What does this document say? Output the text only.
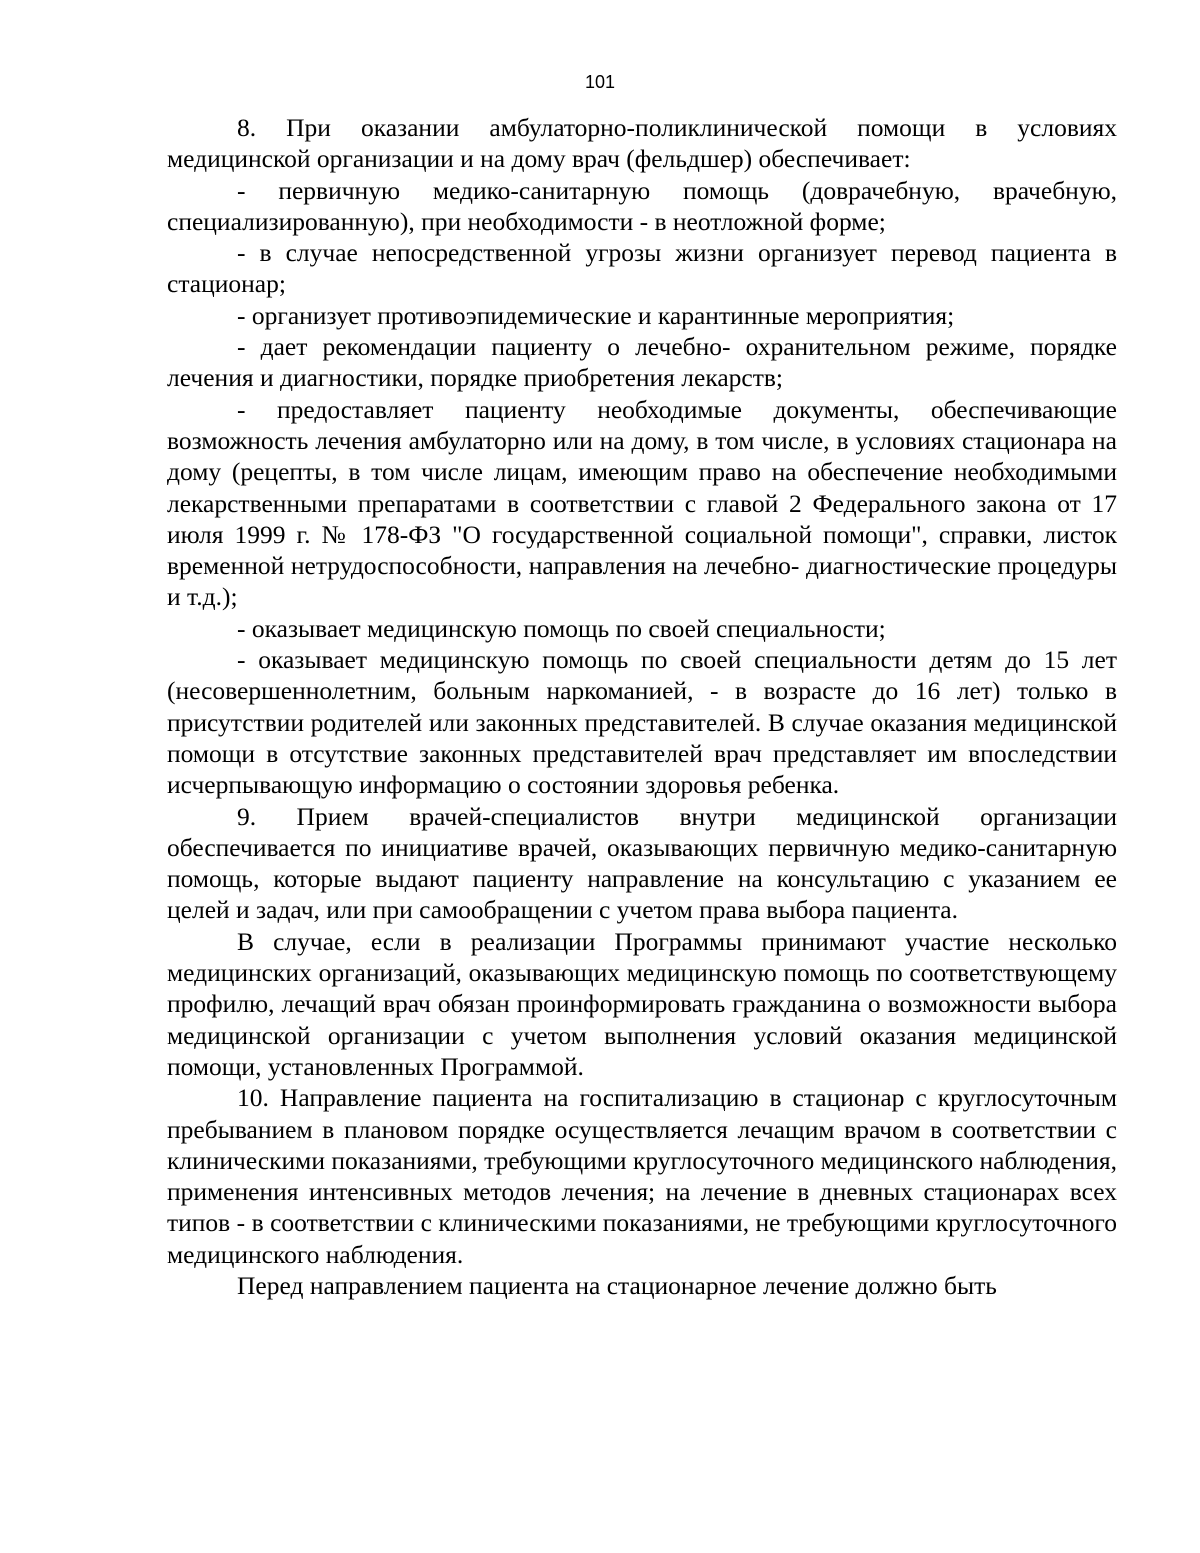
101

8. При оказании амбулаторно-поликлинической помощи в условиях медицинской организации и на дому врач (фельдшер) обеспечивает:

- первичную медико-санитарную помощь (доврачебную, врачебную, специализированную), при необходимости - в неотложной форме;

- в случае непосредственной угрозы жизни организует перевод пациента в стационар;

- организует противоэпидемические и карантинные мероприятия;

- дает рекомендации пациенту о лечебно- охранительном режиме, порядке лечения и диагностики, порядке приобретения лекарств;

- предоставляет пациенту необходимые документы, обеспечивающие возможность лечения амбулаторно или на дому, в том числе, в условиях стационара на дому (рецепты, в том числе лицам, имеющим право на обеспечение необходимыми лекарственными препаратами в соответствии с главой 2 Федерального закона от 17 июля 1999 г. № 178-ФЗ "О государственной социальной помощи", справки, листок временной нетрудоспособности, направления на лечебно- диагностические процедуры и т.д.);

- оказывает медицинскую помощь по своей специальности;

- оказывает медицинскую помощь по своей специальности детям до 15 лет (несовершеннолетним, больным наркоманией, - в возрасте до 16 лет) только в присутствии родителей или законных представителей. В случае оказания медицинской помощи в отсутствие законных представителей врач представляет им впоследствии исчерпывающую информацию о состоянии здоровья ребенка.

9. Прием врачей-специалистов внутри медицинской организации обеспечивается по инициативе врачей, оказывающих первичную медико-санитарную помощь, которые выдают пациенту направление на консультацию с указанием ее целей и задач, или при самообращении с учетом права выбора пациента.

В случае, если в реализации Программы принимают участие несколько медицинских организаций, оказывающих медицинскую помощь по соответствующему профилю, лечащий врач обязан проинформировать гражданина о возможности выбора медицинской организации с учетом выполнения условий оказания медицинской помощи, установленных Программой.

10. Направление пациента на госпитализацию в стационар с круглосуточным пребыванием в плановом порядке осуществляется лечащим врачом в соответствии с клиническими показаниями, требующими круглосуточного медицинского наблюдения, применения интенсивных методов лечения; на лечение в дневных стационарах всех типов - в соответствии с клиническими показаниями, не требующими круглосуточного медицинского наблюдения.

Перед направлением пациента на стационарное лечение должно быть
